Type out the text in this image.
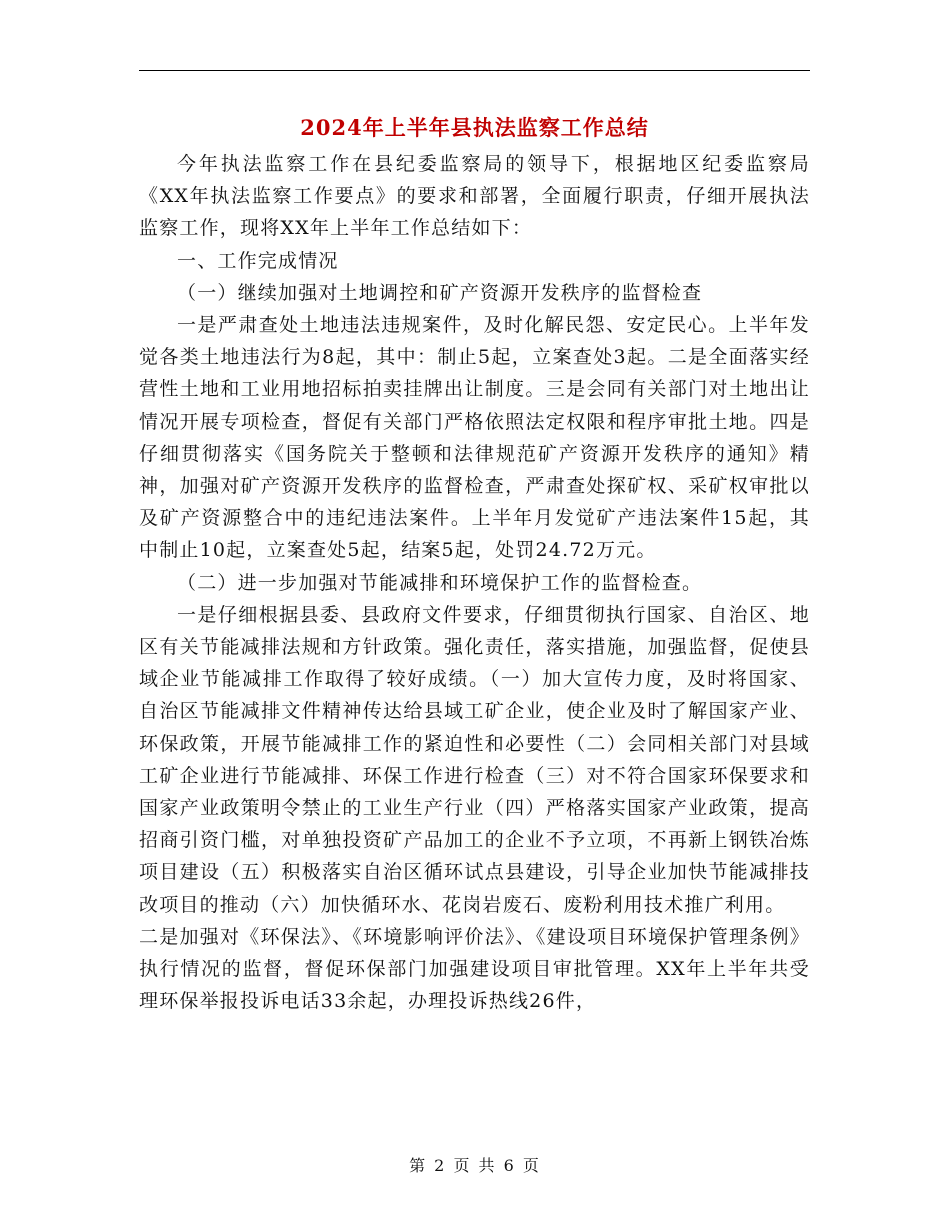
2024年上半年县执法监察工作总结

今年执法监察工作在县纪委监察局的领导下，根据地区纪委监察局《XX年执法监察工作要点》的要求和部署，全面履行职责，仔细开展执法监察工作，现将XX年上半年工作总结如下：

一、工作完成情况

（一）继续加强对土地调控和矿产资源开发秩序的监督检查

一是严肃查处土地违法违规案件，及时化解民怨、安定民心。上半年发觉各类土地违法行为8起，其中：制止5起，立案查处3起。二是全面落实经营性土地和工业用地招标拍卖挂牌出让制度。三是会同有关部门对土地出让情况开展专项检查，督促有关部门严格依照法定权限和程序审批土地。四是仔细贯彻落实《国务院关于整顿和法律规范矿产资源开发秩序的通知》精神，加强对矿产资源开发秩序的监督检查，严肃查处探矿权、采矿权审批以及矿产资源整合中的违纪违法案件。上半年月发觉矿产违法案件15起，其中制止10起，立案查处5起，结案5起，处罚24.72万元。

（二）进一步加强对节能减排和环境保护工作的监督检查。

一是仔细根据县委、县政府文件要求，仔细贯彻执行国家、自治区、地区有关节能减排法规和方针政策。强化责任，落实措施，加强监督，促使县域企业节能减排工作取得了较好成绩。（一）加大宣传力度，及时将国家、自治区节能减排文件精神传达给县域工矿企业，使企业及时了解国家产业、环保政策，开展节能减排工作的紧迫性和必要性（二）会同相关部门对县域工矿企业进行节能减排、环保工作进行检查（三）对不符合国家环保要求和国家产业政策明令禁止的工业生产行业（四）严格落实国家产业政策，提高招商引资门槛，对单独投资矿产品加工的企业不予立项，不再新上钢铁冶炼项目建设（五）积极落实自治区循环试点县建设，引导企业加快节能减排技改项目的推动（六）加快循环水、花岗岩废石、废粉利用技术推广利用。

二是加强对《环保法》、《环境影响评价法》、《建设项目环境保护管理条例》执行情况的监督，督促环保部门加强建设项目审批管理。XX年上半年共受理环保举报投诉电话33余起，办理投诉热线26件，

第 2 页 共 6 页
